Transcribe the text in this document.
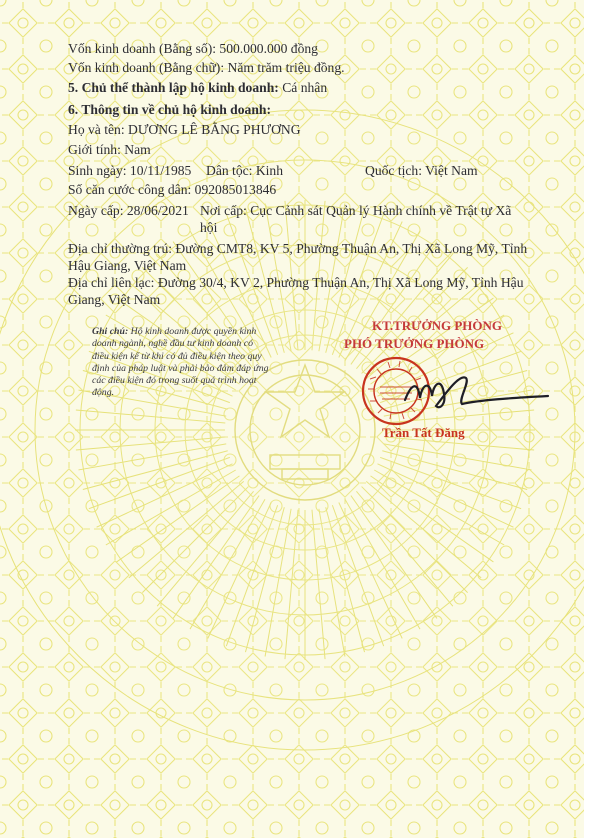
Vốn kinh doanh (Bằng số): 500.000.000 đồng
Vốn kinh doanh (Bằng chữ): Năm trăm triệu đồng.
5. Chủ thể thành lập hộ kinh doanh: Cá nhân
6. Thông tin về chủ hộ kinh doanh:
Họ và tên: DƯƠNG LÊ BẰNG PHƯƠNG
Giới tính: Nam
Sinh ngày: 10/11/1985 Dân tộc: Kinh	Quốc tịch: Việt Nam
Số căn cước công dân: 092085013846
Ngày cấp: 28/06/2021 Nơi cấp: Cục Cảnh sát Quản lý Hành chính về Trật tự Xã
hội
Địa chỉ thường trú: Đường CMT8, KV 5, Phường Thuận An, Thị Xã Long Mỹ, Tỉnh
Hậu Giang, Việt Nam
Địa chỉ liên lạc: Đường 30/4, KV 2, Phường Thuận An, Thị Xã Long Mỹ, Tỉnh Hậu
Giang, Việt Nam
Ghi chú: Hộ kinh doanh được quyền kinh doanh ngành, nghề đầu tư kinh doanh có điều kiện kể từ khi có đủ điều kiện theo quy định của pháp luật và phải bảo đảm đáp ứng các điều kiện đó trong suốt quá trình hoạt động.
KT.TRƯỞNG PHÒNG
PHÓ TRƯỞNG PHÒNG
Trần Tất Đăng
